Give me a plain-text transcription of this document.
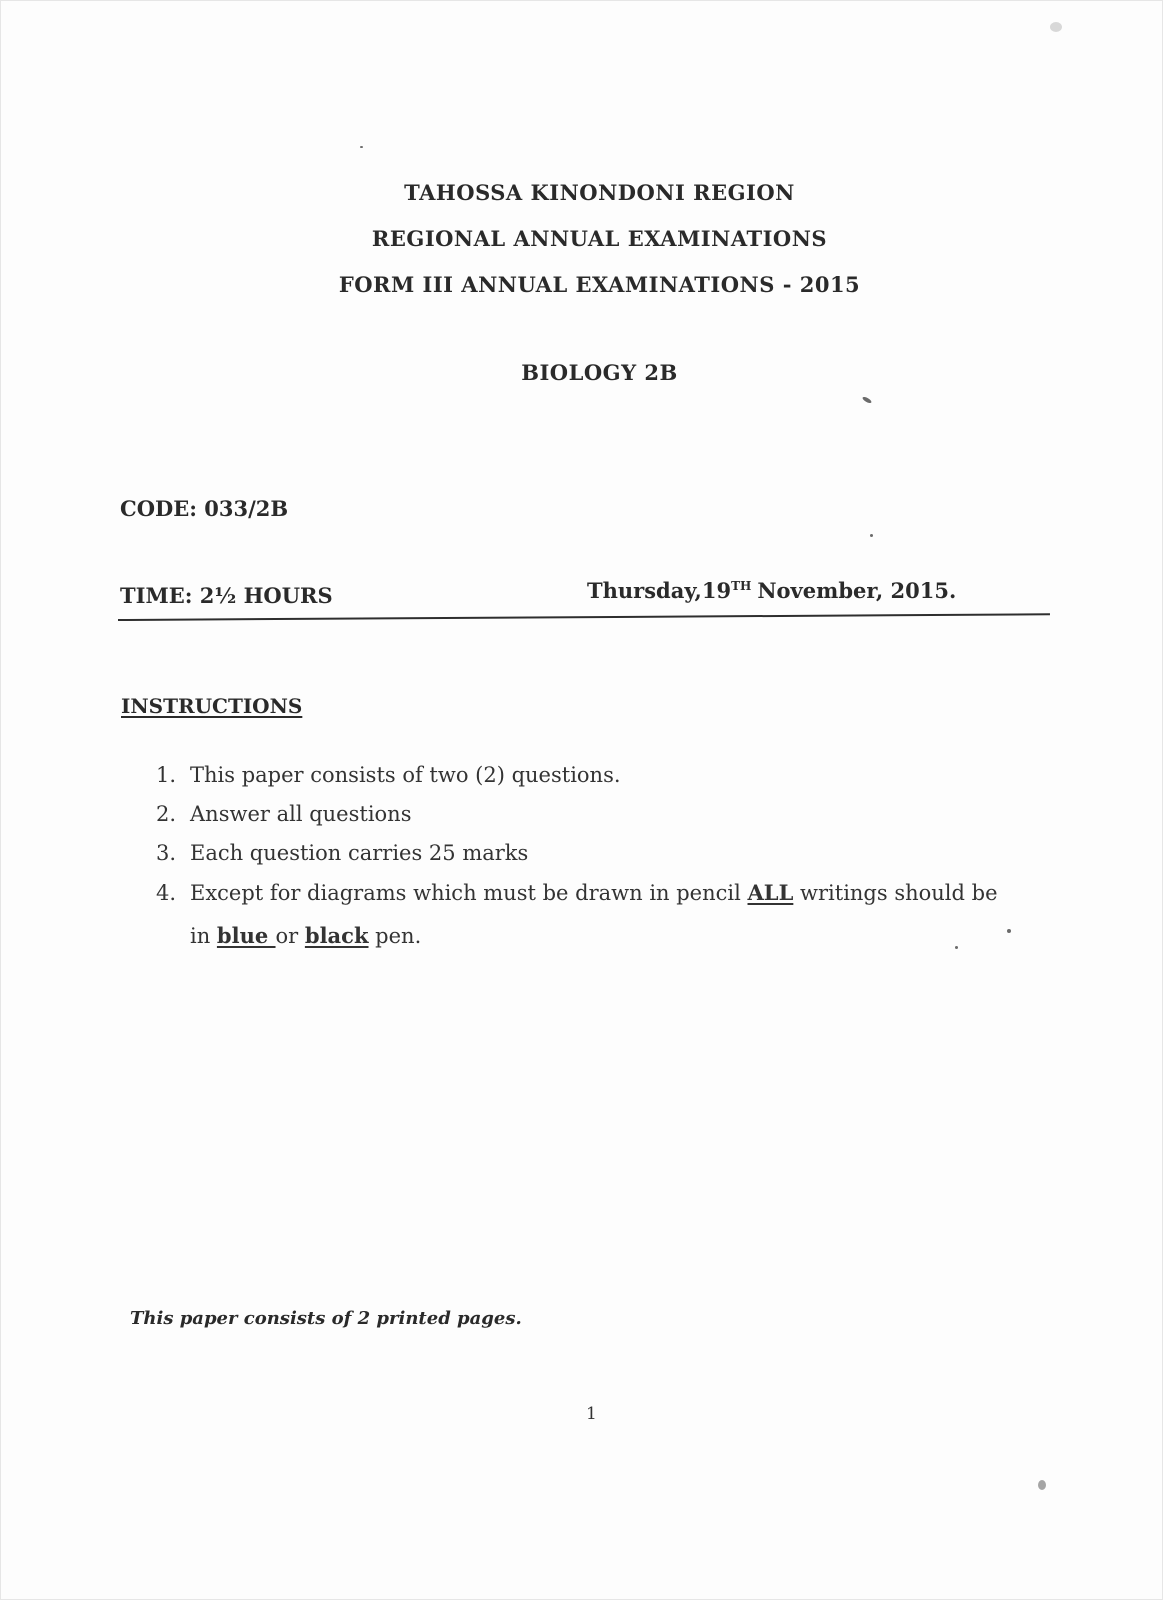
TAHOSSA KINONDONI REGION
REGIONAL ANNUAL EXAMINATIONS
FORM III ANNUAL EXAMINATIONS - 2015
BIOLOGY 2B
CODE: 033/2B
TIME: 2½ HOURS	Thursday,19TH November, 2015.
INSTRUCTIONS
1. This paper consists of two (2) questions.
2. Answer all questions
3. Each question carries 25 marks
4. Except for diagrams which must be drawn in pencil ALL writings should be
in blue or black pen.
This paper consists of 2 printed pages.
1
